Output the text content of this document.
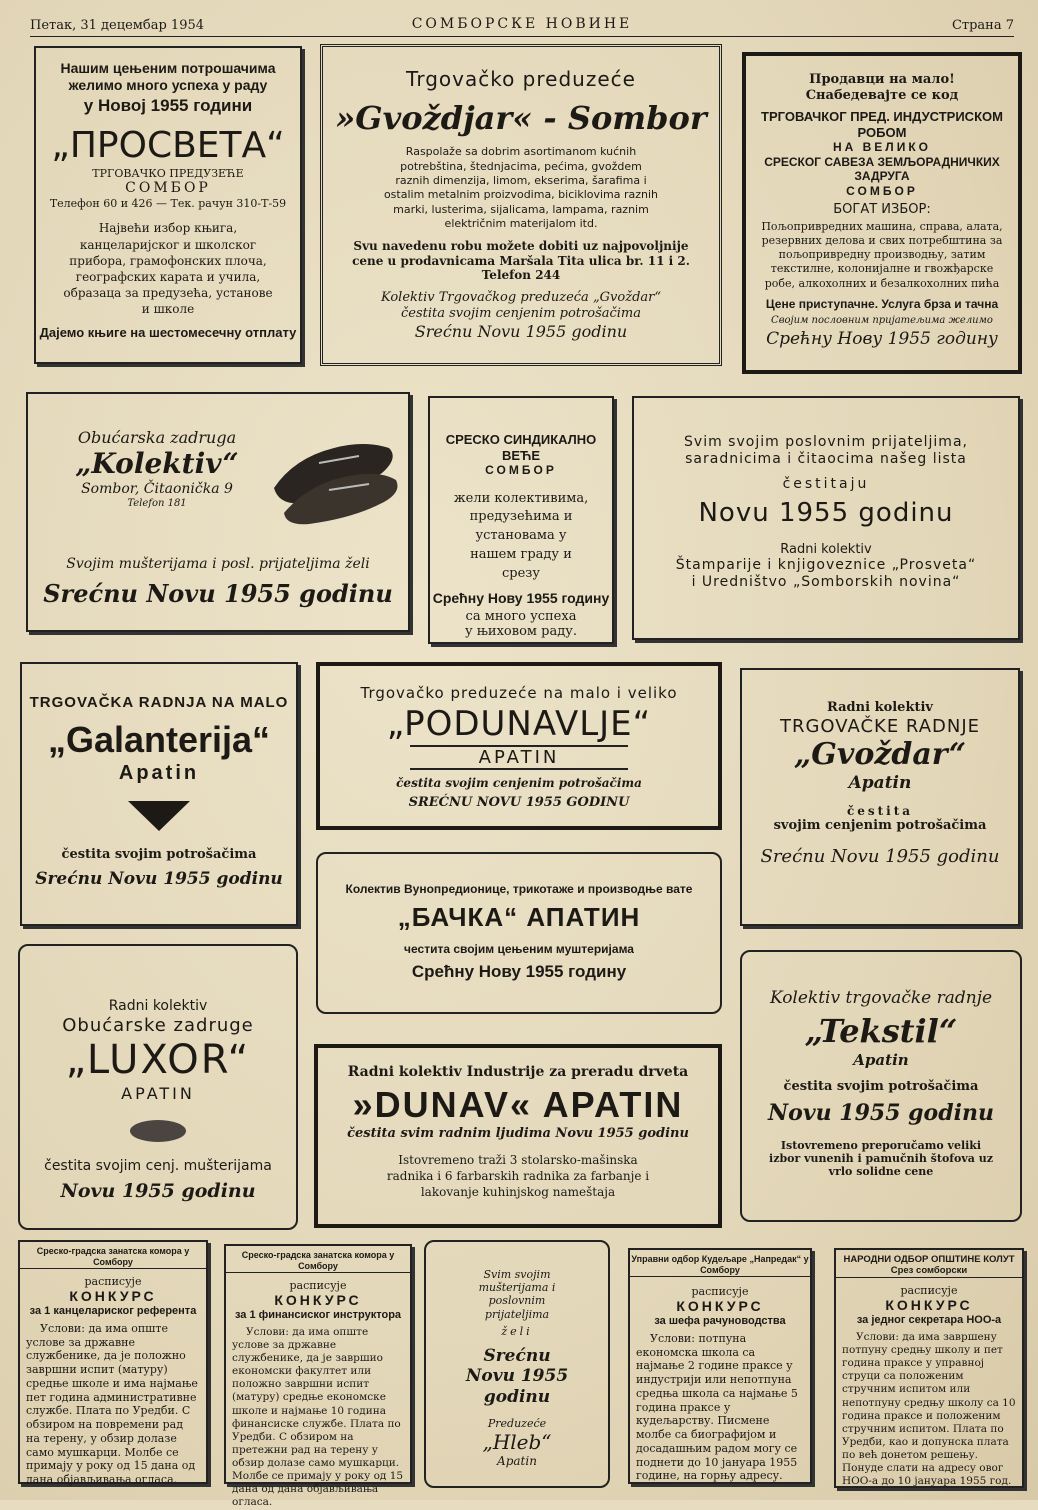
Петак, 31 децембар 1954	СОМБОРСКЕ НОВИНЕ	Страна 7
Нашим цењеним потрошачима
желимо много успеха у раду
у Новој 1955 години
„ПРОСВЕТА“
ТРГОВАЧКО ПРЕДУЗЕЋЕ
СОМБОР
Телефон 60 и 426 — Тек. рачун 310-Т-59
Највећи избор књига, канцеларијског и школског прибора, грамофонских плоча, географских карата и учила, образаца за предузећа, установе и школе
Дајемо књиге на шестомесечну отплату
Trgovačko preduzeće
»Gvoždjar« - Sombor
Raspolaže sa dobrim asortimanom kućnih potrebština, štednjacima, pećima, gvoždem raznih dimenzija, limom, ekserima, šarafima i ostalim metalnim proizvodima, biciklovima raznih marki, lusterima, sijalicama, lampama, raznim električnim materijalom itd.
Svu navedenu robu možete dobiti uz najpovoljnije cene u prodavnicama Maršala Tita ulica br. 11 i 2. Telefon 244
Kolektiv Trgovačkog preduzeća „Gvoždar“
čestita svojim cenjenim potrošačima
Srećnu Novu 1955 godinu
Продавци на мало!
Снабедевајте се код
ТРГОВАЧКОГ ПРЕД. ИНДУСТРИСКОМ РОБОМ
НА ВЕЛИКО
СРЕСКОГ САВЕЗА ЗЕМЉОРАДНИЧКИХ ЗАДРУГА
СОМБОР
БОГАТ ИЗБОР:
Пољопривредних машина, справа, алата, резервних делова и свих потребштина за пољопривредну производњу, затим текстилне, колонијалне и гвожђарске робе, алкохолних и безалкохолних пића
Цене приступачне. Услуга брза и тачна
Својим пословним пријатељима желимо
Срећну Нову 1955 годину
Obućarska zadruga
„Kolektiv“
Sombor, Čitaonička 9
Telefon 181
Svojim mušterijama i posl. prijateljima želi
Srećnu Novu 1955 godinu
СРЕСКО СИНДИКАЛНО ВЕЋЕ
СОМБОР
жели колективима, предузећима и установама у нашем граду и срезу
Срећну Нову 1955 годину
са много успеха у њиховом раду.
Svim svojim poslovnim prijateljima,
saradnicima i čitaocima našeg lista
čestitaju
Novu 1955 godinu
Radni kolektiv
Štamparije i knjigoveznice „Prosveta“
i Uredništvo „Somborskih novina“
TRGOVAČKA RADNJA NA MALO
„Galanterija“
Apatin
čestita svojim potrošačima
Srećnu Novu 1955 godinu
Trgovačko preduzeće na malo i veliko
„PODUNAVLJE“
APATIN
čestita svojim cenjenim potrošačima
SREĆNU NOVU 1955 GODINU
Radni kolektiv
TRGOVAČKE RADNJE
„Gvoždar“
Apatin
čestita
svojim cenjenim potrošačima
Srećnu Novu 1955 godinu
Колектив Вунопредионице, трикотаже и производње вате
„БАЧКА“ АПАТИН
честита својим цењеним муштеријама
Срећну Нову 1955 годину
Radni kolektiv
Obućarske zadruge
„LUXOR“
APATIN
čestita svojim cenj. mušterijama
Novu 1955 godinu
Radni kolektiv Industrije za preradu drveta
»DUNAV« APATIN
čestita svim radnim ljudima Novu 1955 godinu
Istovremeno traži 3 stolarsko-mašinska radnika i 6 farbarskih radnika za farbanje i lakovanje kuhinjskog nameštaja
Kolektiv trgovačke radnje
„Tekstil“
Apatin
čestita svojim potrošačima
Novu 1955 godinu
Istovremeno preporučamo veliki izbor vunenih i pamučnih štofova uz vrlo solidne cene
Среско-градска занатска комора у Сомбору
расписује
КОНКУРС
за 1 канцелариског референта
Услови: да има опште услове за државне службенике, да је положно завршни испит (матуру) средње школе и има најмање пет година административне службе. Плата по Уредби. С обзиром на повремени рад на терену, у обзир долазе само мушкарци. Молбе се примају у року од 15 дана од дана објављивања огласа.
Среско-градска занатска комора у Сомбору
расписује
КОНКУРС
за 1 финансиског инструктора
Услови: да има опште услове за државне службенике, да је завршио економски факултет или положно завршни испит (матуру) средње економске школе и најмање 10 година финансиске службе. Плата по Уредби. С обзиром на претежни рад на терену у обзир долазе само мушкарци. Молбе се примају у року од 15 дана од дана објављивања огласа.
Svim svojim mušterijama i poslovnim prijateljima
želi
Srećnu Novu 1955 godinu
Preduzeće
„Hleb“
Apatin
Управни одбор Кудељаре „Напредак“ у Сомбору
расписује
КОНКУРС
за шефа рачуноводства
Услови: потпуна економска школа са најмање 2 године праксе у индустрији или непотпуна средња школа са најмање 5 година праксе у кудељарству. Писмене молбе са биографијом и досадашњим радом могу се поднети до 10 јануара 1955 године, на горњу адресу.
НАРОДНИ ОДБОР ОПШТИНЕ КОЛУТ
Срез сомборски
расписује
КОНКУРС
за једног секретара НОО-а
Услови: да има завршену потпуну средњу школу и пет година праксе у управној струци са положеним стручним испитом или непотпуну средњу школу са 10 година праксе и положеним стручним испитом. Плата по Уредби, као и допунска плата по већ донетом решењу. Понуде слати на адресу овог НОО-а до 10 јануара 1955 год.
